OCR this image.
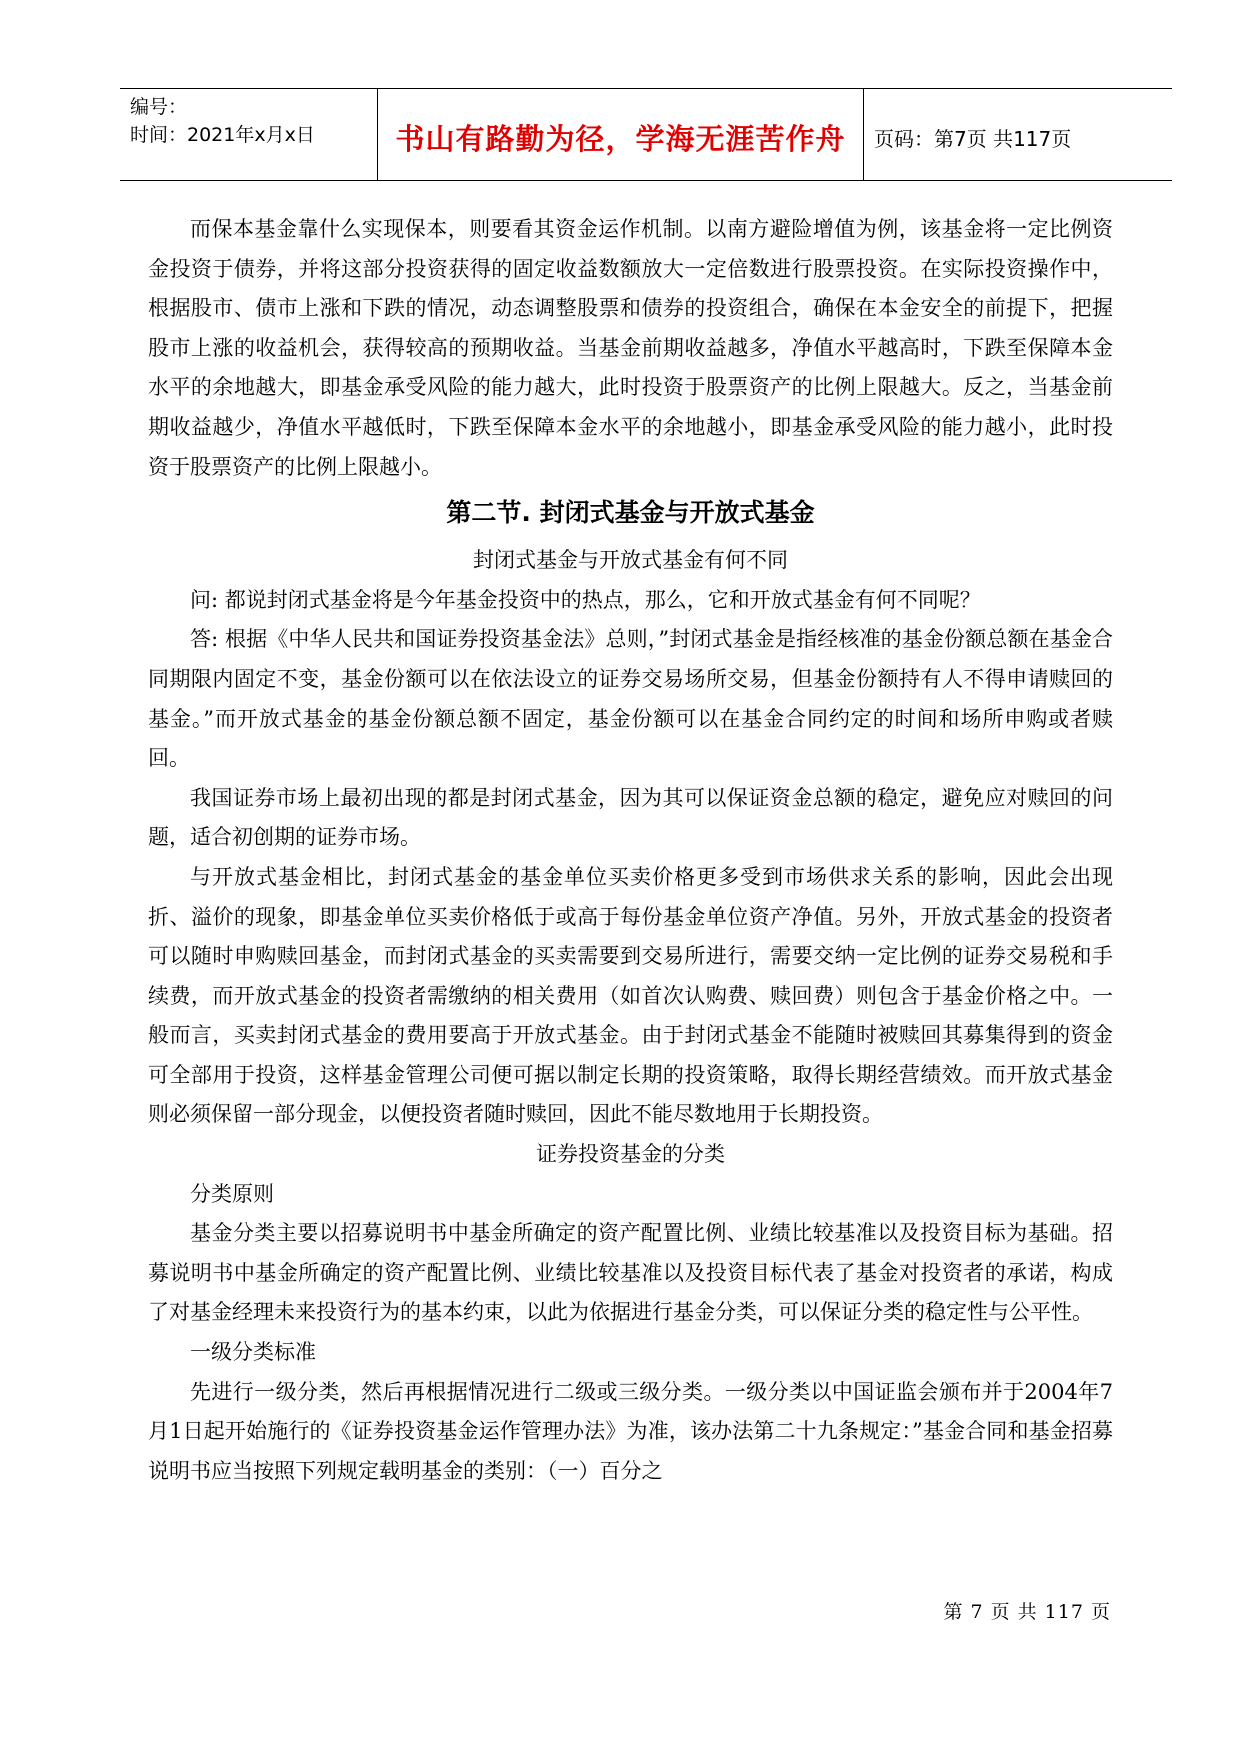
编号：
时间：2021年x月x日	书山有路勤为径，学海无涯苦作舟	页码：第7页 共117页

而保本基金靠什么实现保本，则要看其资金运作机制。以南方避险增值为例，该基金将一定比例资金投资于债券，并将这部分投资获得的固定收益数额放大一定倍数进行股票投资。在实际投资操作中，根据股市、债市上涨和下跌的情况，动态调整股票和债券的投资组合，确保在本金安全的前提下，把握股市上涨的收益机会，获得较高的预期收益。当基金前期收益越多，净值水平越高时，下跌至保障本金水平的余地越大，即基金承受风险的能力越大，此时投资于股票资产的比例上限越大。反之，当基金前期收益越少，净值水平越低时，下跌至保障本金水平的余地越小，即基金承受风险的能力越小，此时投资于股票资产的比例上限越小。

第二节. 封闭式基金与开放式基金

封闭式基金与开放式基金有何不同

问: 都说封闭式基金将是今年基金投资中的热点，那么，它和开放式基金有何不同呢？

答: 根据《中华人民共和国证券投资基金法》总则，”封闭式基金是指经核准的基金份额总额在基金合同期限内固定不变，基金份额可以在依法设立的证券交易场所交易，但基金份额持有人不得申请赎回的基金。”而开放式基金的基金份额总额不固定，基金份额可以在基金合同约定的时间和场所申购或者赎回。

我国证券市场上最初出现的都是封闭式基金，因为其可以保证资金总额的稳定，避免应对赎回的问题，适合初创期的证券市场。

与开放式基金相比，封闭式基金的基金单位买卖价格更多受到市场供求关系的影响，因此会出现折、溢价的现象，即基金单位买卖价格低于或高于每份基金单位资产净值。另外，开放式基金的投资者可以随时申购赎回基金，而封闭式基金的买卖需要到交易所进行，需要交纳一定比例的证券交易税和手续费，而开放式基金的投资者需缴纳的相关费用（如首次认购费、赎回费）则包含于基金价格之中。一般而言，买卖封闭式基金的费用要高于开放式基金。由于封闭式基金不能随时被赎回其募集得到的资金可全部用于投资，这样基金管理公司便可据以制定长期的投资策略，取得长期经营绩效。而开放式基金则必须保留一部分现金，以便投资者随时赎回，因此不能尽数地用于长期投资。

证券投资基金的分类

分类原则

基金分类主要以招募说明书中基金所确定的资产配置比例、业绩比较基准以及投资目标为基础。招募说明书中基金所确定的资产配置比例、业绩比较基准以及投资目标代表了基金对投资者的承诺，构成了对基金经理未来投资行为的基本约束，以此为依据进行基金分类，可以保证分类的稳定性与公平性。

一级分类标准

先进行一级分类，然后再根据情况进行二级或三级分类。一级分类以中国证监会颁布并于2004年7月1日起开始施行的《证券投资基金运作管理办法》为准，该办法第二十九条规定：”基金合同和基金招募说明书应当按照下列规定载明基金的类别：（一）百分之

第 7 页 共 117 页
